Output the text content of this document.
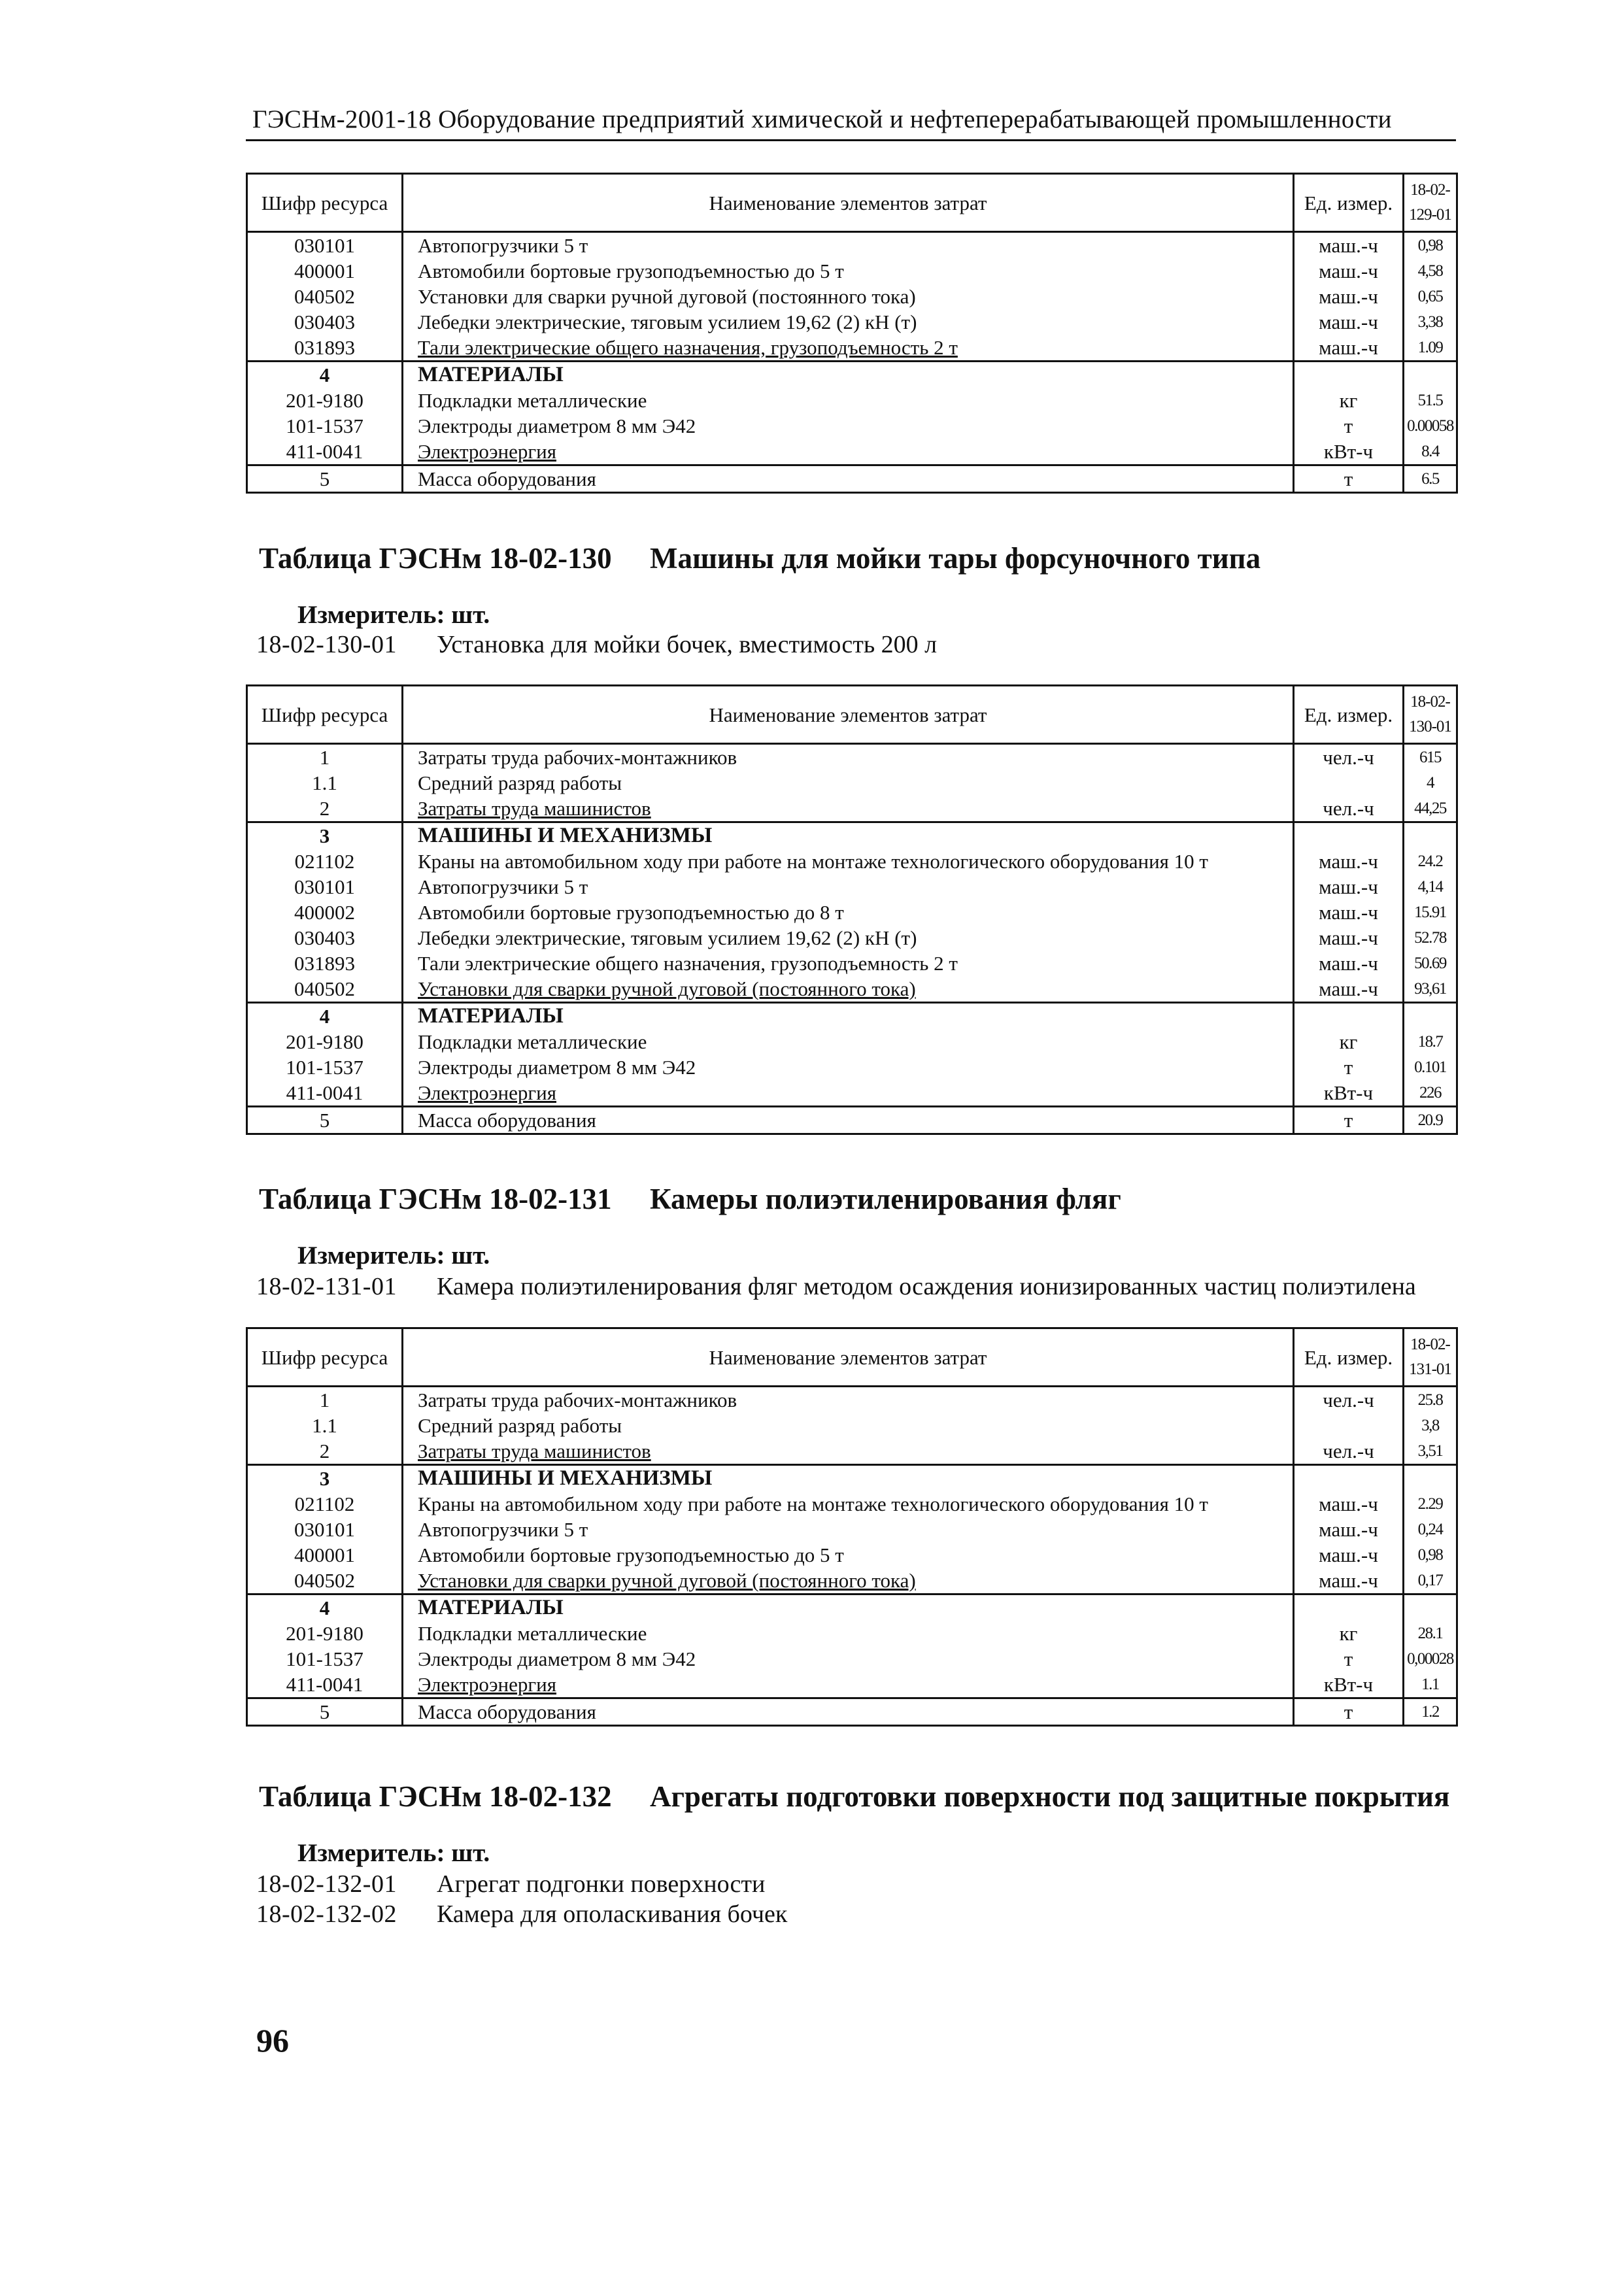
ГЭСНм-2001-18 Оборудование предприятий химической и нефтеперерабатывающей промышленности
Шифр ресурса	Наименование элементов затрат	Ед. измер.	18-02-
129-01
030101	Автопогрузчики 5 т	маш.-ч	0,98
400001	Автомобили бортовые грузоподъемностью до 5 т	маш.-ч	4,58
040502	Установки для сварки ручной дуговой (постоянного тока)	маш.-ч	0,65
030403	Лебедки электрические, тяговым усилием 19,62 (2) кН (т)	маш.-ч	3,38
031893	Тали электрические общего назначения, грузоподъемность 2 т	маш.-ч	1.09
4	МАТЕРИАЛЫ		
201-9180	Подкладки металлические	кг	51.5
101-1537	Электроды диаметром 8 мм Э42	т	0.00058
411-0041	Электроэнергия	кВт-ч	8.4
5	Масса оборудования	т	6.5
Таблица ГЭСНм 18-02-130 Машины для мойки тары форсуночного типа
Измеритель: шт.
18-02-130-01 Установка для мойки бочек, вместимость 200 л
Шифр ресурса	Наименование элементов затрат	Ед. измер.	18-02-
130-01
1	Затраты труда рабочих-монтажников	чел.-ч	615
1.1	Средний разряд работы		4
2	Затраты труда машинистов	чел.-ч	44,25
3	МАШИНЫ И МЕХАНИЗМЫ		
021102	Краны на автомобильном ходу при работе на монтаже технологического оборудования 10 т	маш.-ч	24.2
030101	Автопогрузчики 5 т	маш.-ч	4,14
400002	Автомобили бортовые грузоподъемностью до 8 т	маш.-ч	15.91
030403	Лебедки электрические, тяговым усилием 19,62 (2) кН (т)	маш.-ч	52.78
031893	Тали электрические общего назначения, грузоподъемность 2 т	маш.-ч	50.69
040502	Установки для сварки ручной дуговой (постоянного тока)	маш.-ч	93,61
4	МАТЕРИАЛЫ		
201-9180	Подкладки металлические	кг	18.7
101-1537	Электроды диаметром 8 мм Э42	т	0.101
411-0041	Электроэнергия	кВт-ч	226
5	Масса оборудования	т	20.9
Таблица ГЭСНм 18-02-131 Камеры полиэтиленирования фляг
Измеритель: шт.
18-02-131-01 Камера полиэтиленирования фляг методом осаждения ионизированных частиц полиэтилена
Шифр ресурса	Наименование элементов затрат	Ед. измер.	18-02-
131-01
1	Затраты труда рабочих-монтажников	чел.-ч	25.8
1.1	Средний разряд работы		3,8
2	Затраты труда машинистов	чел.-ч	3,51
3	МАШИНЫ И МЕХАНИЗМЫ		
021102	Краны на автомобильном ходу при работе на монтаже технологического оборудования 10 т	маш.-ч	2.29
030101	Автопогрузчики 5 т	маш.-ч	0,24
400001	Автомобили бортовые грузоподъемностью до 5 т	маш.-ч	0,98
040502	Установки для сварки ручной дуговой (постоянного тока)	маш.-ч	0,17
4	МАТЕРИАЛЫ		
201-9180	Подкладки металлические	кг	28.1
101-1537	Электроды диаметром 8 мм Э42	т	0,00028
411-0041	Электроэнергия	кВт-ч	1.1
5	Масса оборудования	т	1.2
Таблица ГЭСНм 18-02-132 Агрегаты подготовки поверхности под защитные покрытия
Измеритель: шт.
18-02-132-01 Агрегат подгонки поверхности
18-02-132-02 Камера для ополаскивания бочек
96
